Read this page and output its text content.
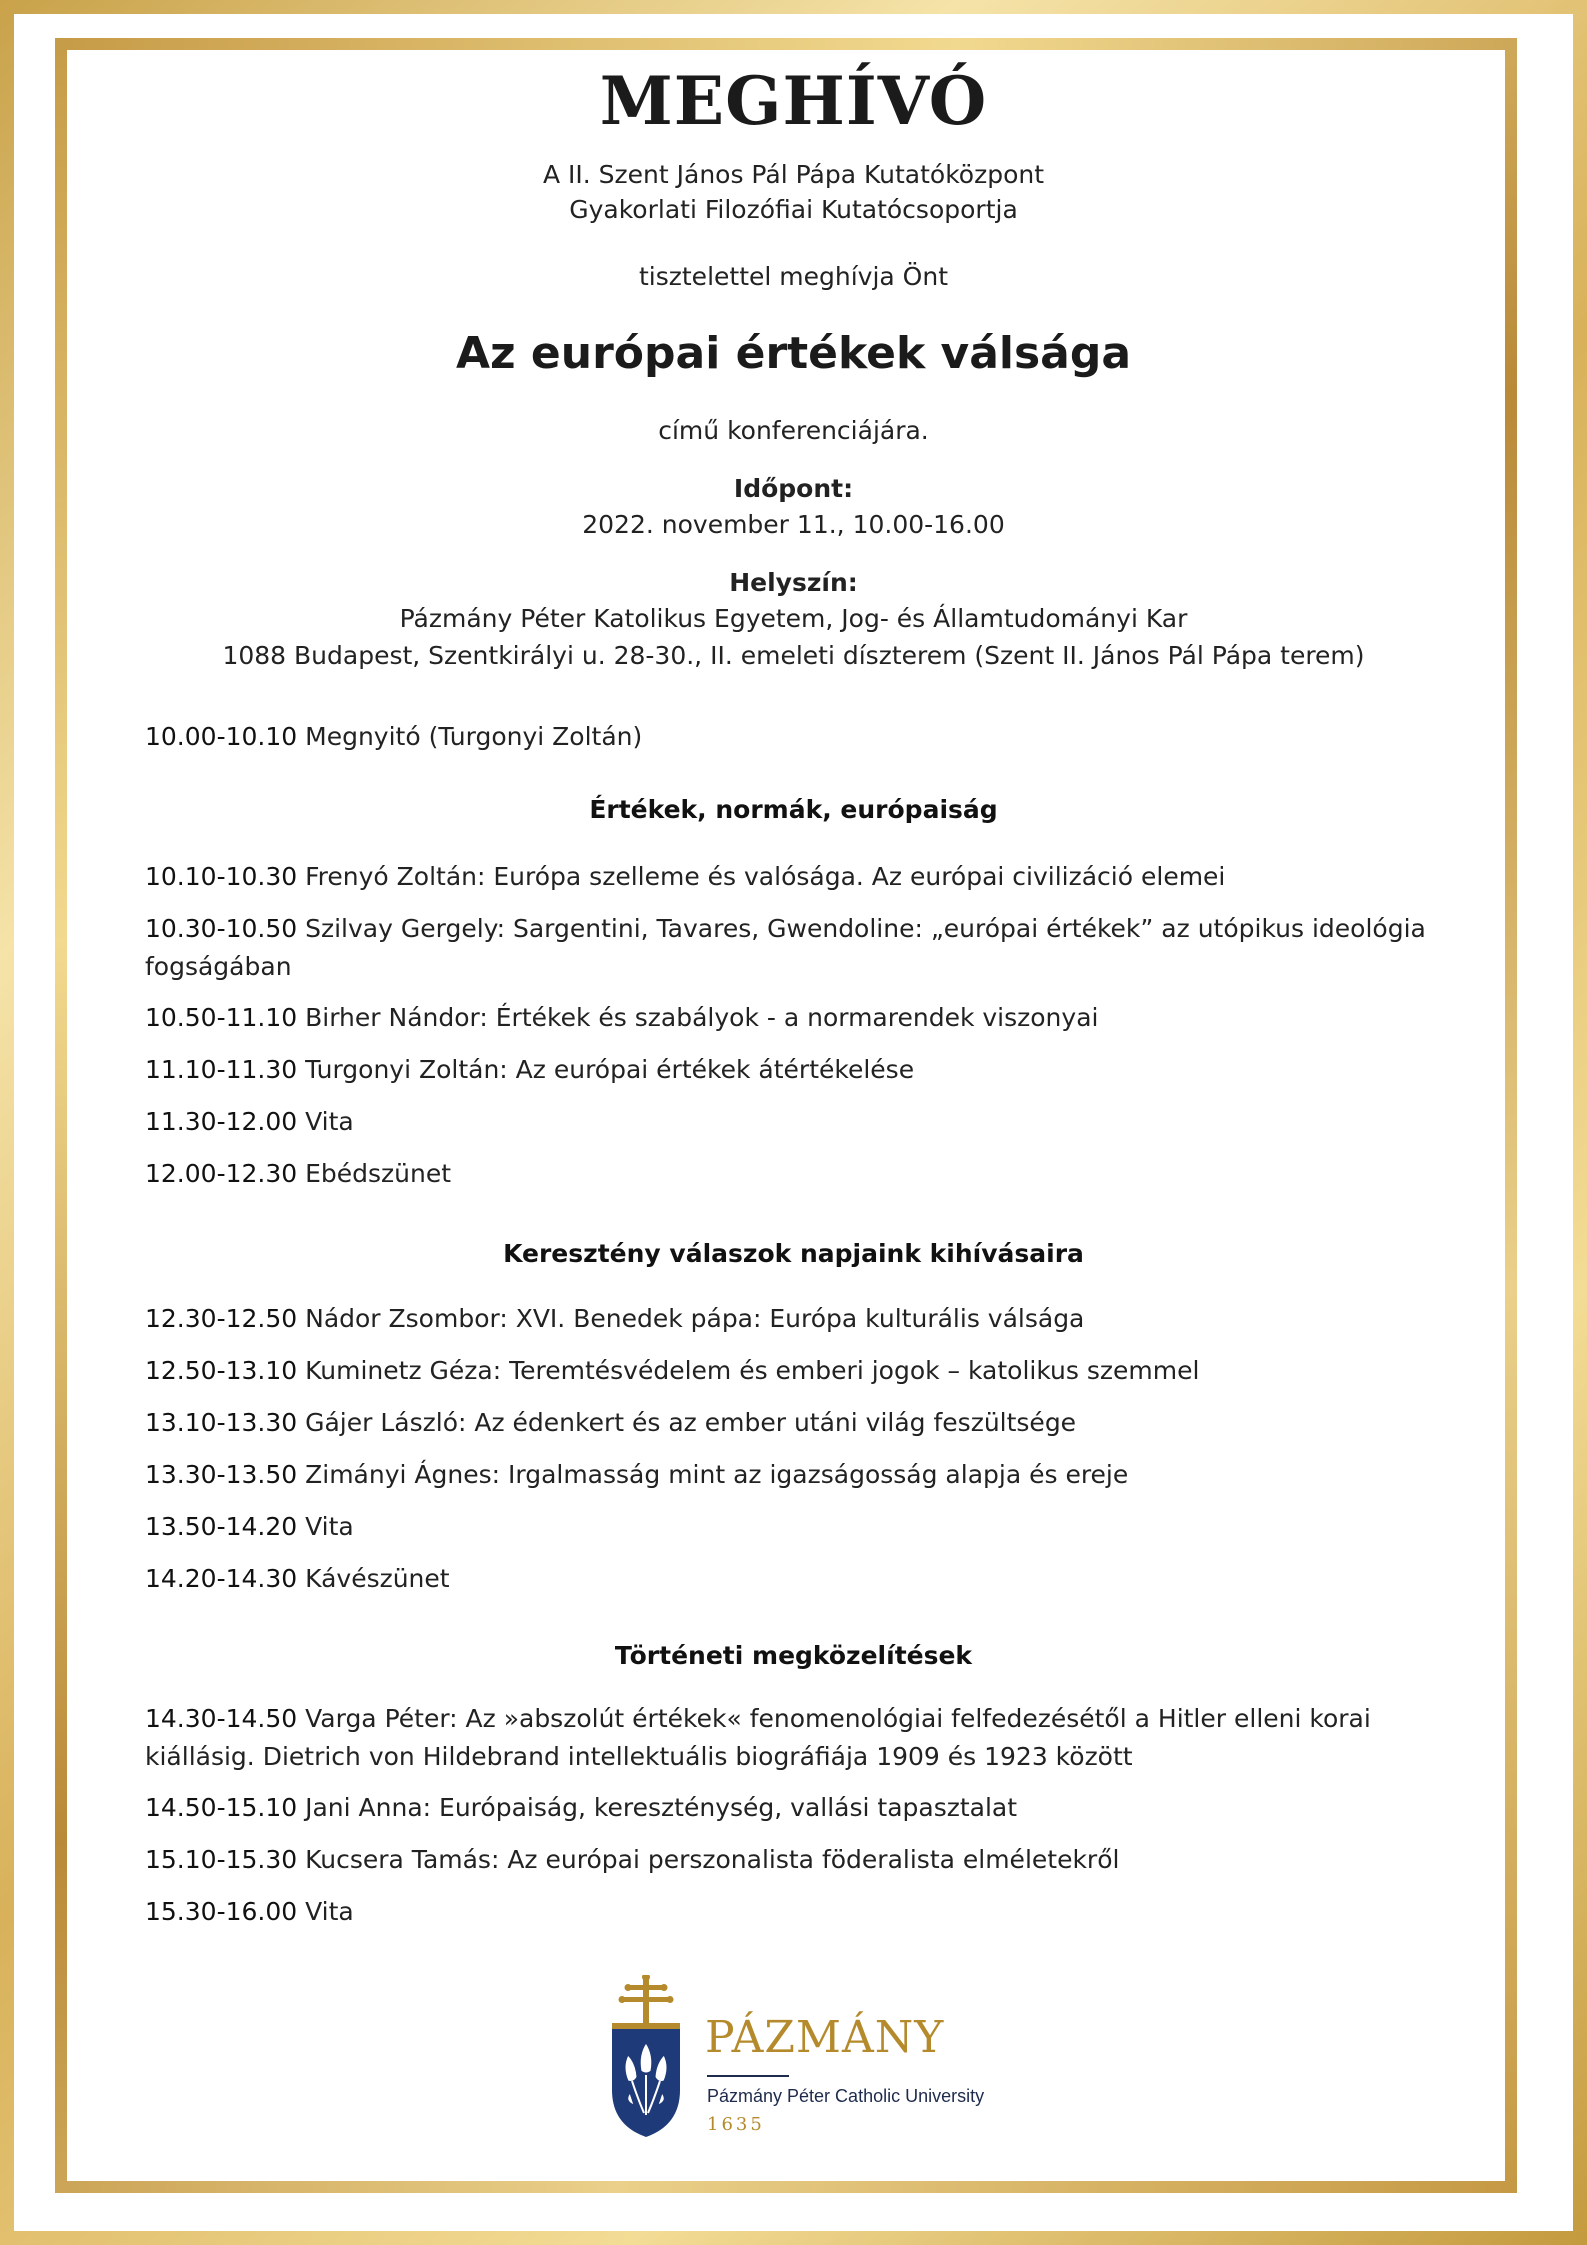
MEGHÍVÓ
A II. Szent János Pál Pápa Kutatóközpont
Gyakorlati Filozófiai Kutatócsoportja
tisztelettel meghívja Önt
Az európai értékek válsága
című konferenciájára.
Időpont:
2022. november 11., 10.00-16.00
Helyszín:
Pázmány Péter Katolikus Egyetem, Jog- és Államtudományi Kar
1088 Budapest, Szentkirályi u. 28-30., II. emeleti díszterem (Szent II. János Pál Pápa terem)
10.00-10.10 Megnyitó (Turgonyi Zoltán)
Értékek, normák, európaiság
10.10-10.30 Frenyó Zoltán: Európa szelleme és valósága. Az európai civilizáció elemei
10.30-10.50 Szilvay Gergely: Sargentini, Tavares, Gwendoline: „európai értékek” az utópikus ideológia fogságában
10.50-11.10 Birher Nándor: Értékek és szabályok - a normarendek viszonyai
11.10-11.30 Turgonyi Zoltán: Az európai értékek átértékelése
11.30-12.00 Vita
12.00-12.30 Ebédszünet
Keresztény válaszok napjaink kihívásaira
12.30-12.50 Nádor Zsombor: XVI. Benedek pápa: Európa kulturális válsága
12.50-13.10 Kuminetz Géza: Teremtésvédelem és emberi jogok – katolikus szemmel
13.10-13.30 Gájer László: Az édenkert és az ember utáni világ feszültsége
13.30-13.50 Zimányi Ágnes: Irgalmasság mint az igazságosság alapja és ereje
13.50-14.20 Vita
14.20-14.30 Kávészünet
Történeti megközelítések
14.30-14.50 Varga Péter: Az »abszolút értékek« fenomenológiai felfedezésétől a Hitler elleni korai kiállásig. Dietrich von Hildebrand intellektuális biográfiája 1909 és 1923 között
14.50-15.10 Jani Anna: Európaiság, kereszténység, vallási tapasztalat
15.10-15.30 Kucsera Tamás: Az európai perszonalista föderalista elméletekről
15.30-16.00 Vita
PÁZMÁNY
Pázmány Péter Catholic University
1635
